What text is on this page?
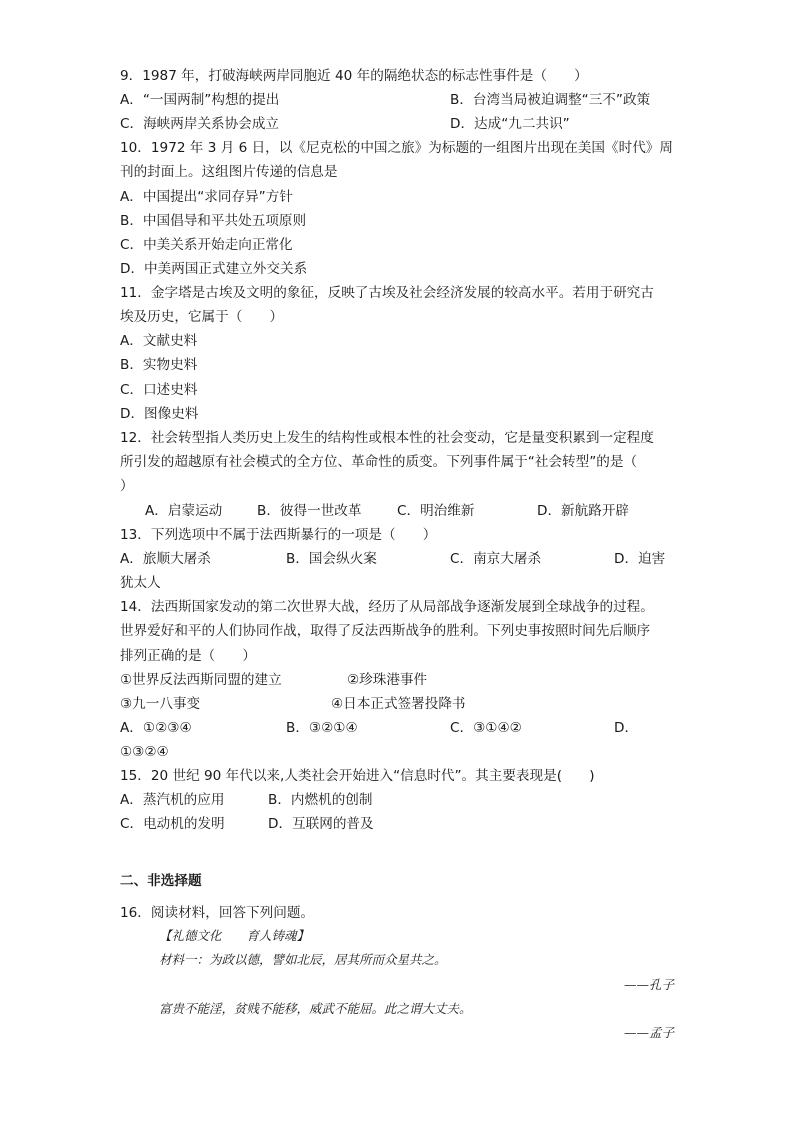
9．1987 年，打破海峡两岸同胞近 40 年的隔绝状态的标志性事件是（　　）
A．“一国两制”构想的提出	B．台湾当局被迫调整“三不”政策
C．海峡两岸关系协会成立	D．达成“九二共识”
10．1972 年 3 月 6 日，以《尼克松的中国之旅》为标题的一组图片出现在美国《时代》周
刊的封面上。这组图片传递的信息是
A．中国提出“求同存异”方针
B．中国倡导和平共处五项原则
C．中美关系开始走向正常化
D．中美两国正式建立外交关系
11．金字塔是古埃及文明的象征，反映了古埃及社会经济发展的较高水平。若用于研究古
埃及历史，它属于（　　）
A．文献史料
B．实物史料
C．口述史料
D．图像史料
12．社会转型指人类历史上发生的结构性或根本性的社会变动，它是量变积累到一定程度
所引发的超越原有社会模式的全方位、革命性的质变。下列事件属于“社会转型”的是（
）
A．启蒙运动	B．彼得一世改革	C．明治维新	D．新航路开辟
13．下列选项中不属于法西斯暴行的一项是（　　）
A．旅顺大屠杀	B．国会纵火案	C．南京大屠杀	D．迫害
犹太人
14．法西斯国家发动的第二次世界大战，经历了从局部战争逐渐发展到全球战争的过程。
世界爱好和平的人们协同作战，取得了反法西斯战争的胜利。下列史事按照时间先后顺序
排列正确的是（　　）
①世界反法西斯同盟的建立	②珍珠港事件
③九一八事变	④日本正式签署投降书
A．①②③④	B．③②①④	C．③①④②	D．
①③②④
15．20 世纪 90 年代以来,人类社会开始进入“信息时代”。其主要表现是(　　)
A．蒸汽机的应用	B．内燃机的创制
C．电动机的发明	D．互联网的普及
二、非选择题
16．阅读材料，回答下列问题。
【礼德文化　　育人铸魂】
材料一：为政以德，譬如北辰，居其所而众星共之。
——孔子
富贵不能淫，贫贱不能移，威武不能屈。此之谓大丈夫。
——孟子
